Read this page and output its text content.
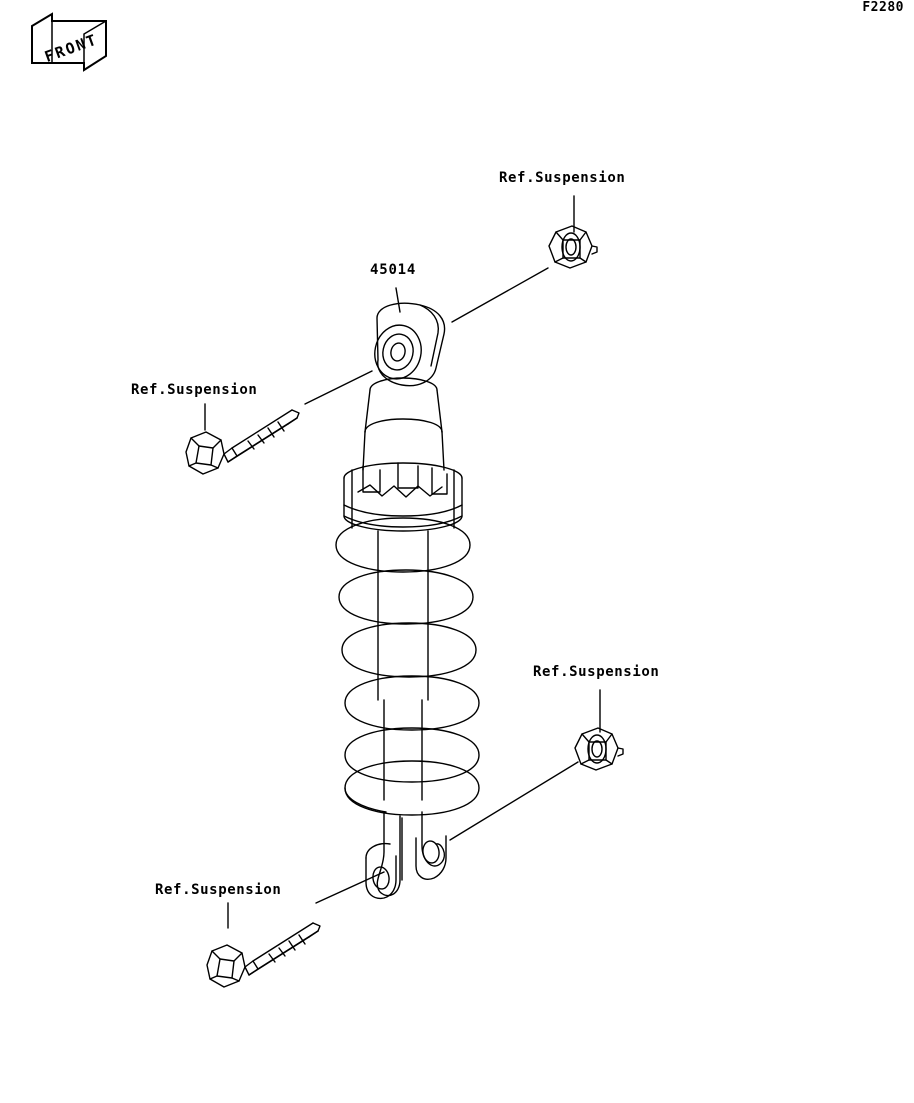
F2280
FRONT
45014
Ref.Suspension
Ref.Suspension
Ref.Suspension
Ref.Suspension
